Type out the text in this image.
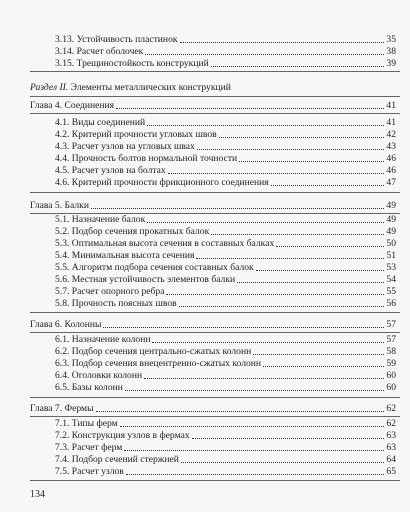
3.13. Устойчивость пластинок	35
3.14. Расчет оболочек	38
3.15. Трещиностойкость конструкций	39
Раздел II. Элементы металлических конструкций
Глава 4. Соединения	41
4.1. Виды соединений	41
4.2. Критерий прочности угловых швов	42
4.3. Расчет узлов на угловых швах	43
4.4. Прочность болтов нормальной точности	46
4.5. Расчет узлов на болтах	46
4.6. Критерий прочности фрикционного соединения	47
Глава 5. Балки	49
5.1. Назначение балок	49
5.2. Подбор сечения прокатных балок	49
5.3. Оптимальная высота сечения в составных балках	50
5.4. Минимальная высота сечения	51
5.5. Алгоритм подбора сечения составных балок	53
5.6. Местная устойчивость элементов балки	54
5.7. Расчет опорного ребра	55
5.8. Прочность поясных швов	56
Глава 6. Колонны	57
6.1. Назначение колонн	57
6.2. Подбор сечения центрально-сжатых колонн	58
6.3. Подбор сечения внецентренно-сжатых колонн	59
6.4. Оголовки колонн	60
6.5. Базы колонн	60
Глава 7. Фермы	62
7.1. Типы ферм	62
7.2. Конструкция узлов в фермах	63
7.3. Расчет ферм	63
7.4. Подбор сечений стержней	64
7.5. Расчет узлов	65
134
